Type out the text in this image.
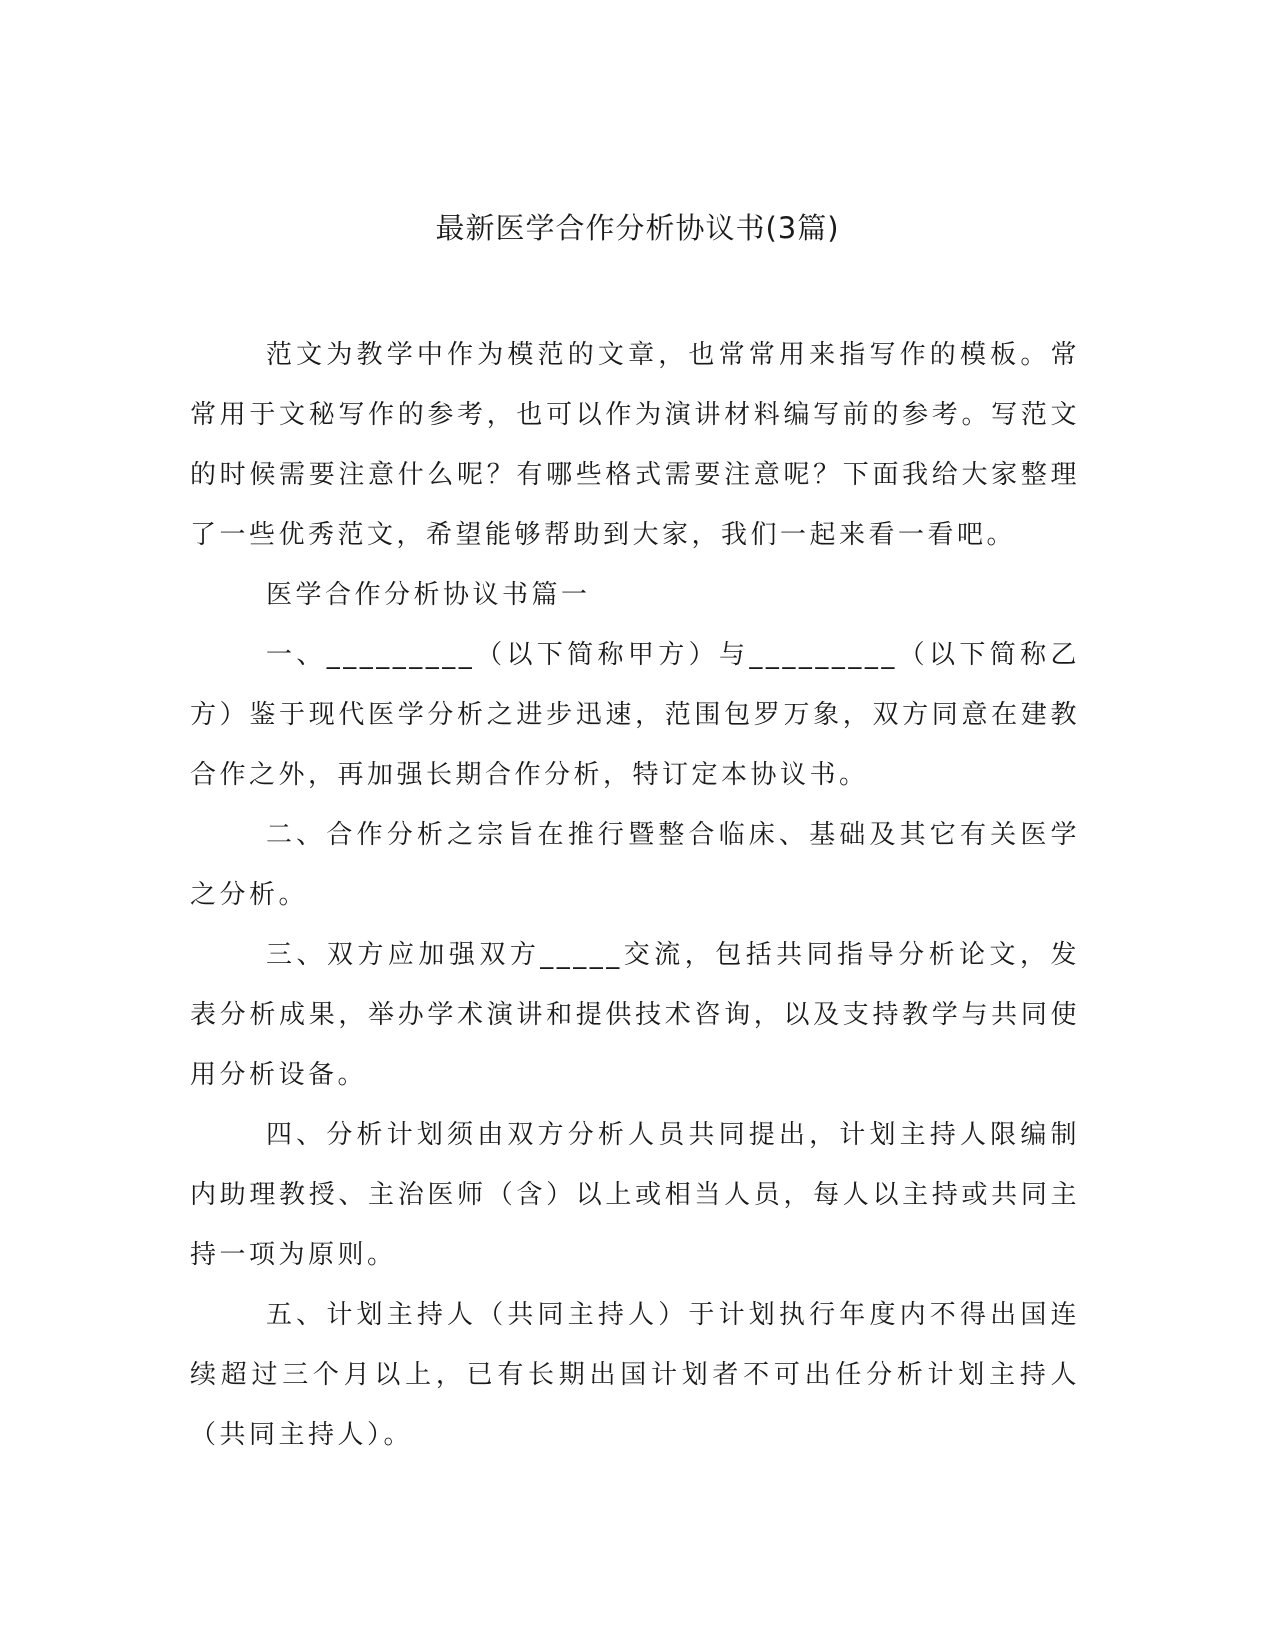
最新医学合作分析协议书(3篇)

范文为教学中作为模范的文章，也常常用来指写作的模板。常常用于文秘写作的参考，也可以作为演讲材料编写前的参考。写范文的时候需要注意什么呢？有哪些格式需要注意呢？下面我给大家整理了一些优秀范文，希望能够帮助到大家，我们一起来看一看吧。

医学合作分析协议书篇一

一、_________（以下简称甲方）与_________（以下简称乙方）鉴于现代医学分析之进步迅速，范围包罗万象，双方同意在建教合作之外，再加强长期合作分析，特订定本协议书。

二、合作分析之宗旨在推行暨整合临床、基础及其它有关医学之分析。

三、双方应加强双方_____交流，包括共同指导分析论文，发表分析成果，举办学术演讲和提供技术咨询，以及支持教学与共同使用分析设备。

四、分析计划须由双方分析人员共同提出，计划主持人限编制内助理教授、主治医师（含）以上或相当人员，每人以主持或共同主持一项为原则。

五、计划主持人（共同主持人）于计划执行年度内不得出国连续超过三个月以上，已有长期出国计划者不可出任分析计划主持人（共同主持人）。
